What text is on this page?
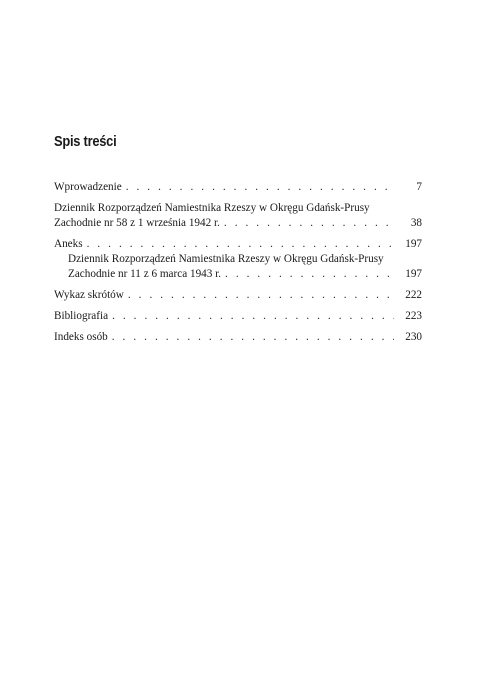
Spis treści
Wprowadzenie . . .	7
Dziennik Rozporządzeń Namiestnika Rzeszy w Okręgu Gdańsk-Prusy
Zachodnie nr 58 z 1 września 1942 r. . . .	38
Aneks . . .	197
Dziennik Rozporządzeń Namiestnika Rzeszy w Okręgu Gdańsk-Prusy
Zachodnie nr 11 z 6 marca 1943 r. . . .	197
Wykaz skrótów . . .	222
Bibliografia . . .	223
Indeks osób . . .	230
